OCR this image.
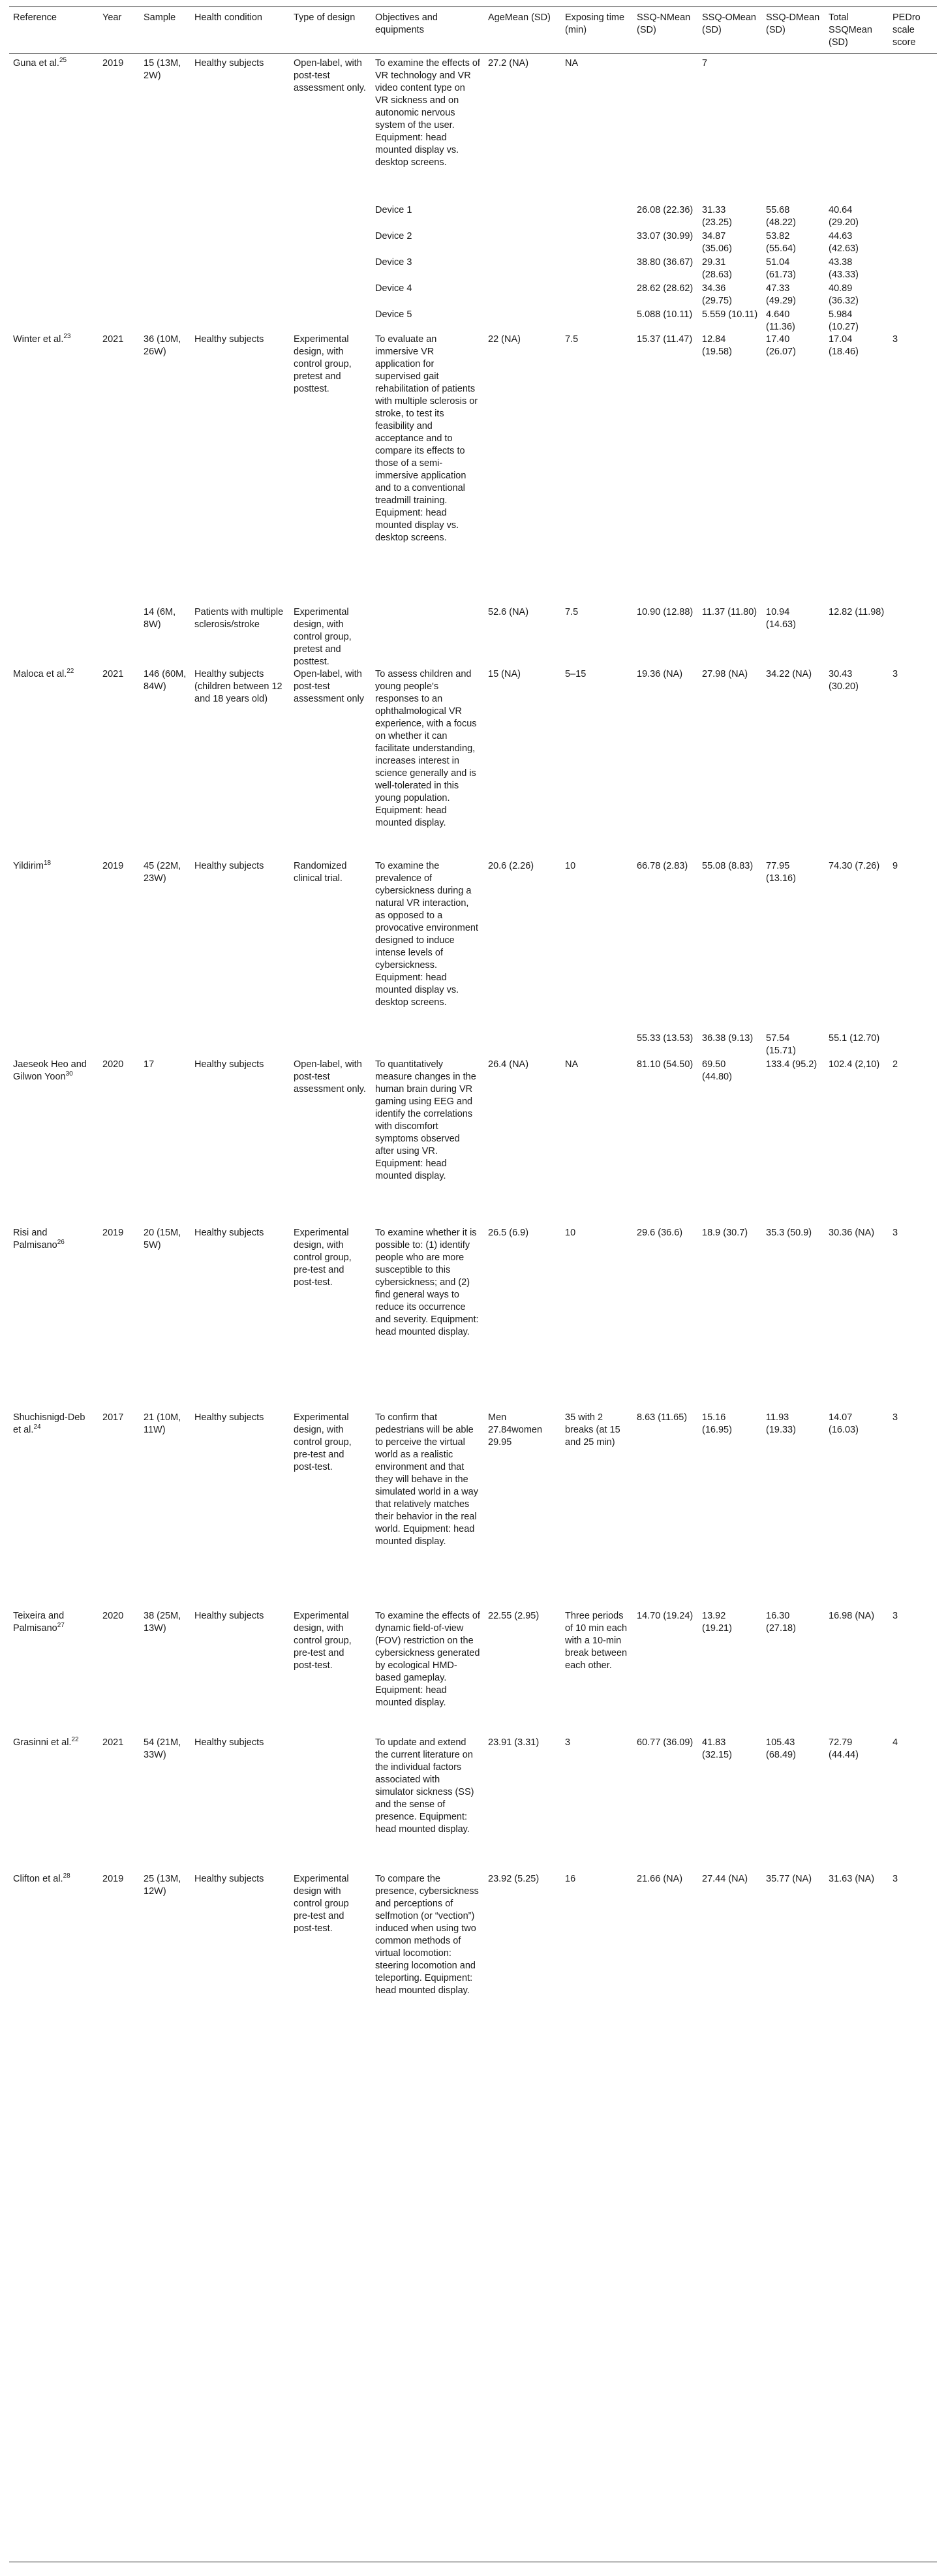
Reference	Year	Sample	Health condition	Type of design	Objectives and equipments	AgeMean (SD)	Exposing time (min)	SSQ-NMean (SD)	SSQ-OMean (SD)	SSQ-DMean (SD)	Total SSQMean (SD)	PEDro scale score
Guna et al.$^{25}$	2019	15 (13M, 2W)	Healthy subjects	Open-label, with post-test assessment only.	To examine the effects of VR technology and VR video content type on VR sickness and on autonomic nervous system of the user. Equipment: head mounted display vs. desktop screens.	27.2 (NA)	NA		7			
					Device 1			26.08 (22.36)	31.33 (23.25)	55.68 (48.22)	40.64 (29.20)	
					Device 2			33.07 (30.99)	34.87 (35.06)	53.82 (55.64)	44.63 (42.63)	
					Device 3			38.80 (36.67)	29.31 (28.63)	51.04 (61.73)	43.38 (43.33)	
					Device 4			28.62 (28.62)	34.36 (29.75)	47.33 (49.29)	40.89 (36.32)	
					Device 5			5.088 (10.11)	5.559 (10.11)	4.640 (11.36)	5.984 (10.27)	
Winter et al.$^{23}$	2021	36 (10M, 26W)	Healthy subjects	Experimental design, with control group, pretest and posttest.	To evaluate an immersive VR application for supervised gait rehabilitation of patients with multiple sclerosis or stroke, to test its feasibility and acceptance and to compare its effects to those of a semi-immersive application and to a conventional treadmill training. Equipment: head mounted display vs. desktop screens.	22 (NA)	7.5	15.37 (11.47)	12.84 (19.58)	17.40 (26.07)	17.04 (18.46)	3
		14 (6M, 8W)	Patients with multiple sclerosis/stroke	Experimental design, with control group, pretest and posttest.		52.6 (NA)	7.5	10.90 (12.88)	11.37 (11.80)	10.94 (14.63)	12.82 (11.98)	
Maloca et al.$^{22}$	2021	146 (60M, 84W)	Healthy subjects (children between 12 and 18 years old)	Open-label, with post-test assessment only	To assess children and young people's responses to an ophthalmological VR experience, with a focus on whether it can facilitate understanding, increases interest in science generally and is well-tolerated in this young population. Equipment: head mounted display.	15 (NA)	5–15	19.36 (NA)	27.98 (NA)	34.22 (NA)	30.43 (30.20)	3
Yildirim$^{18}$	2019	45 (22M, 23W)	Healthy subjects	Randomized clinical trial.	To examine the prevalence of cybersickness during a natural VR interaction, as opposed to a provocative environment designed to induce intense levels of cybersickness. Equipment: head mounted display vs. desktop screens.	20.6 (2.26)	10	66.78 (2.83)	55.08 (8.83)	77.95 (13.16)	74.30 (7.26)	9
								55.33 (13.53)	36.38 (9.13)	57.54 (15.71)	55.1 (12.70)	
Jaeseok Heo and Gilwon Yoon$^{30}$	2020	17	Healthy subjects	Open-label, with post-test assessment only.	To quantitatively measure changes in the human brain during VR gaming using EEG and identify the correlations with discomfort symptoms observed after using VR. Equipment: head mounted display.	26.4 (NA)	NA	81.10 (54.50)	69.50 (44.80)	133.4 (95.2)	102.4 (2,10)	2
Risi and Palmisano$^{26}$	2019	20 (15M, 5W)	Healthy subjects	Experimental design, with control group, pre-test and post-test.	To examine whether it is possible to: (1) identify people who are more susceptible to this cybersickness; and (2) find general ways to reduce its occurrence and severity. Equipment: head mounted display.	26.5 (6.9)	10	29.6 (36.6)	18.9 (30.7)	35.3 (50.9)	30.36 (NA)	3
Shuchisnigd-Deb et al.$^{24}$	2017	21 (10M, 11W)	Healthy subjects	Experimental design, with control group, pre-test and post-test.	To confirm that pedestrians will be able to perceive the virtual world as a realistic environment and that they will behave in the simulated world in a way that relatively matches their behavior in the real world. Equipment: head mounted display.	Men 27.84women 29.95	35 with 2 breaks (at 15 and 25 min)	8.63 (11.65)	15.16 (16.95)	11.93 (19.33)	14.07 (16.03)	3
Teixeira and Palmisano$^{27}$	2020	38 (25M, 13W)	Healthy subjects	Experimental design, with control group, pre-test and post-test.	To examine the effects of dynamic field-of-view (FOV) restriction on the cybersickness generated by ecological HMD-based gameplay. Equipment: head mounted display.	22.55 (2.95)	Three periods of 10 min each with a 10-min break between each other.	14.70 (19.24)	13.92 (19.21)	16.30 (27.18)	16.98 (NA)	3
Grasinni et al.$^{22}$	2021	54 (21M, 33W)	Healthy subjects		To update and extend the current literature on the individual factors associated with simulator sickness (SS) and the sense of presence. Equipment: head mounted display.	23.91 (3.31)	3	60.77 (36.09)	41.83 (32.15)	105.43 (68.49)	72.79 (44.44)	4
Clifton et al.$^{28}$	2019	25 (13M, 12W)	Healthy subjects	Experimental design with control group pre-test and post-test.	To compare the presence, cybersickness and perceptions of selfmotion (or “vection”) induced when using two common methods of virtual locomotion: steering locomotion and teleporting. Equipment: head mounted display.	23.92 (5.25)	16	21.66 (NA)	27.44 (NA)	35.77 (NA)	31.63 (NA)	3
